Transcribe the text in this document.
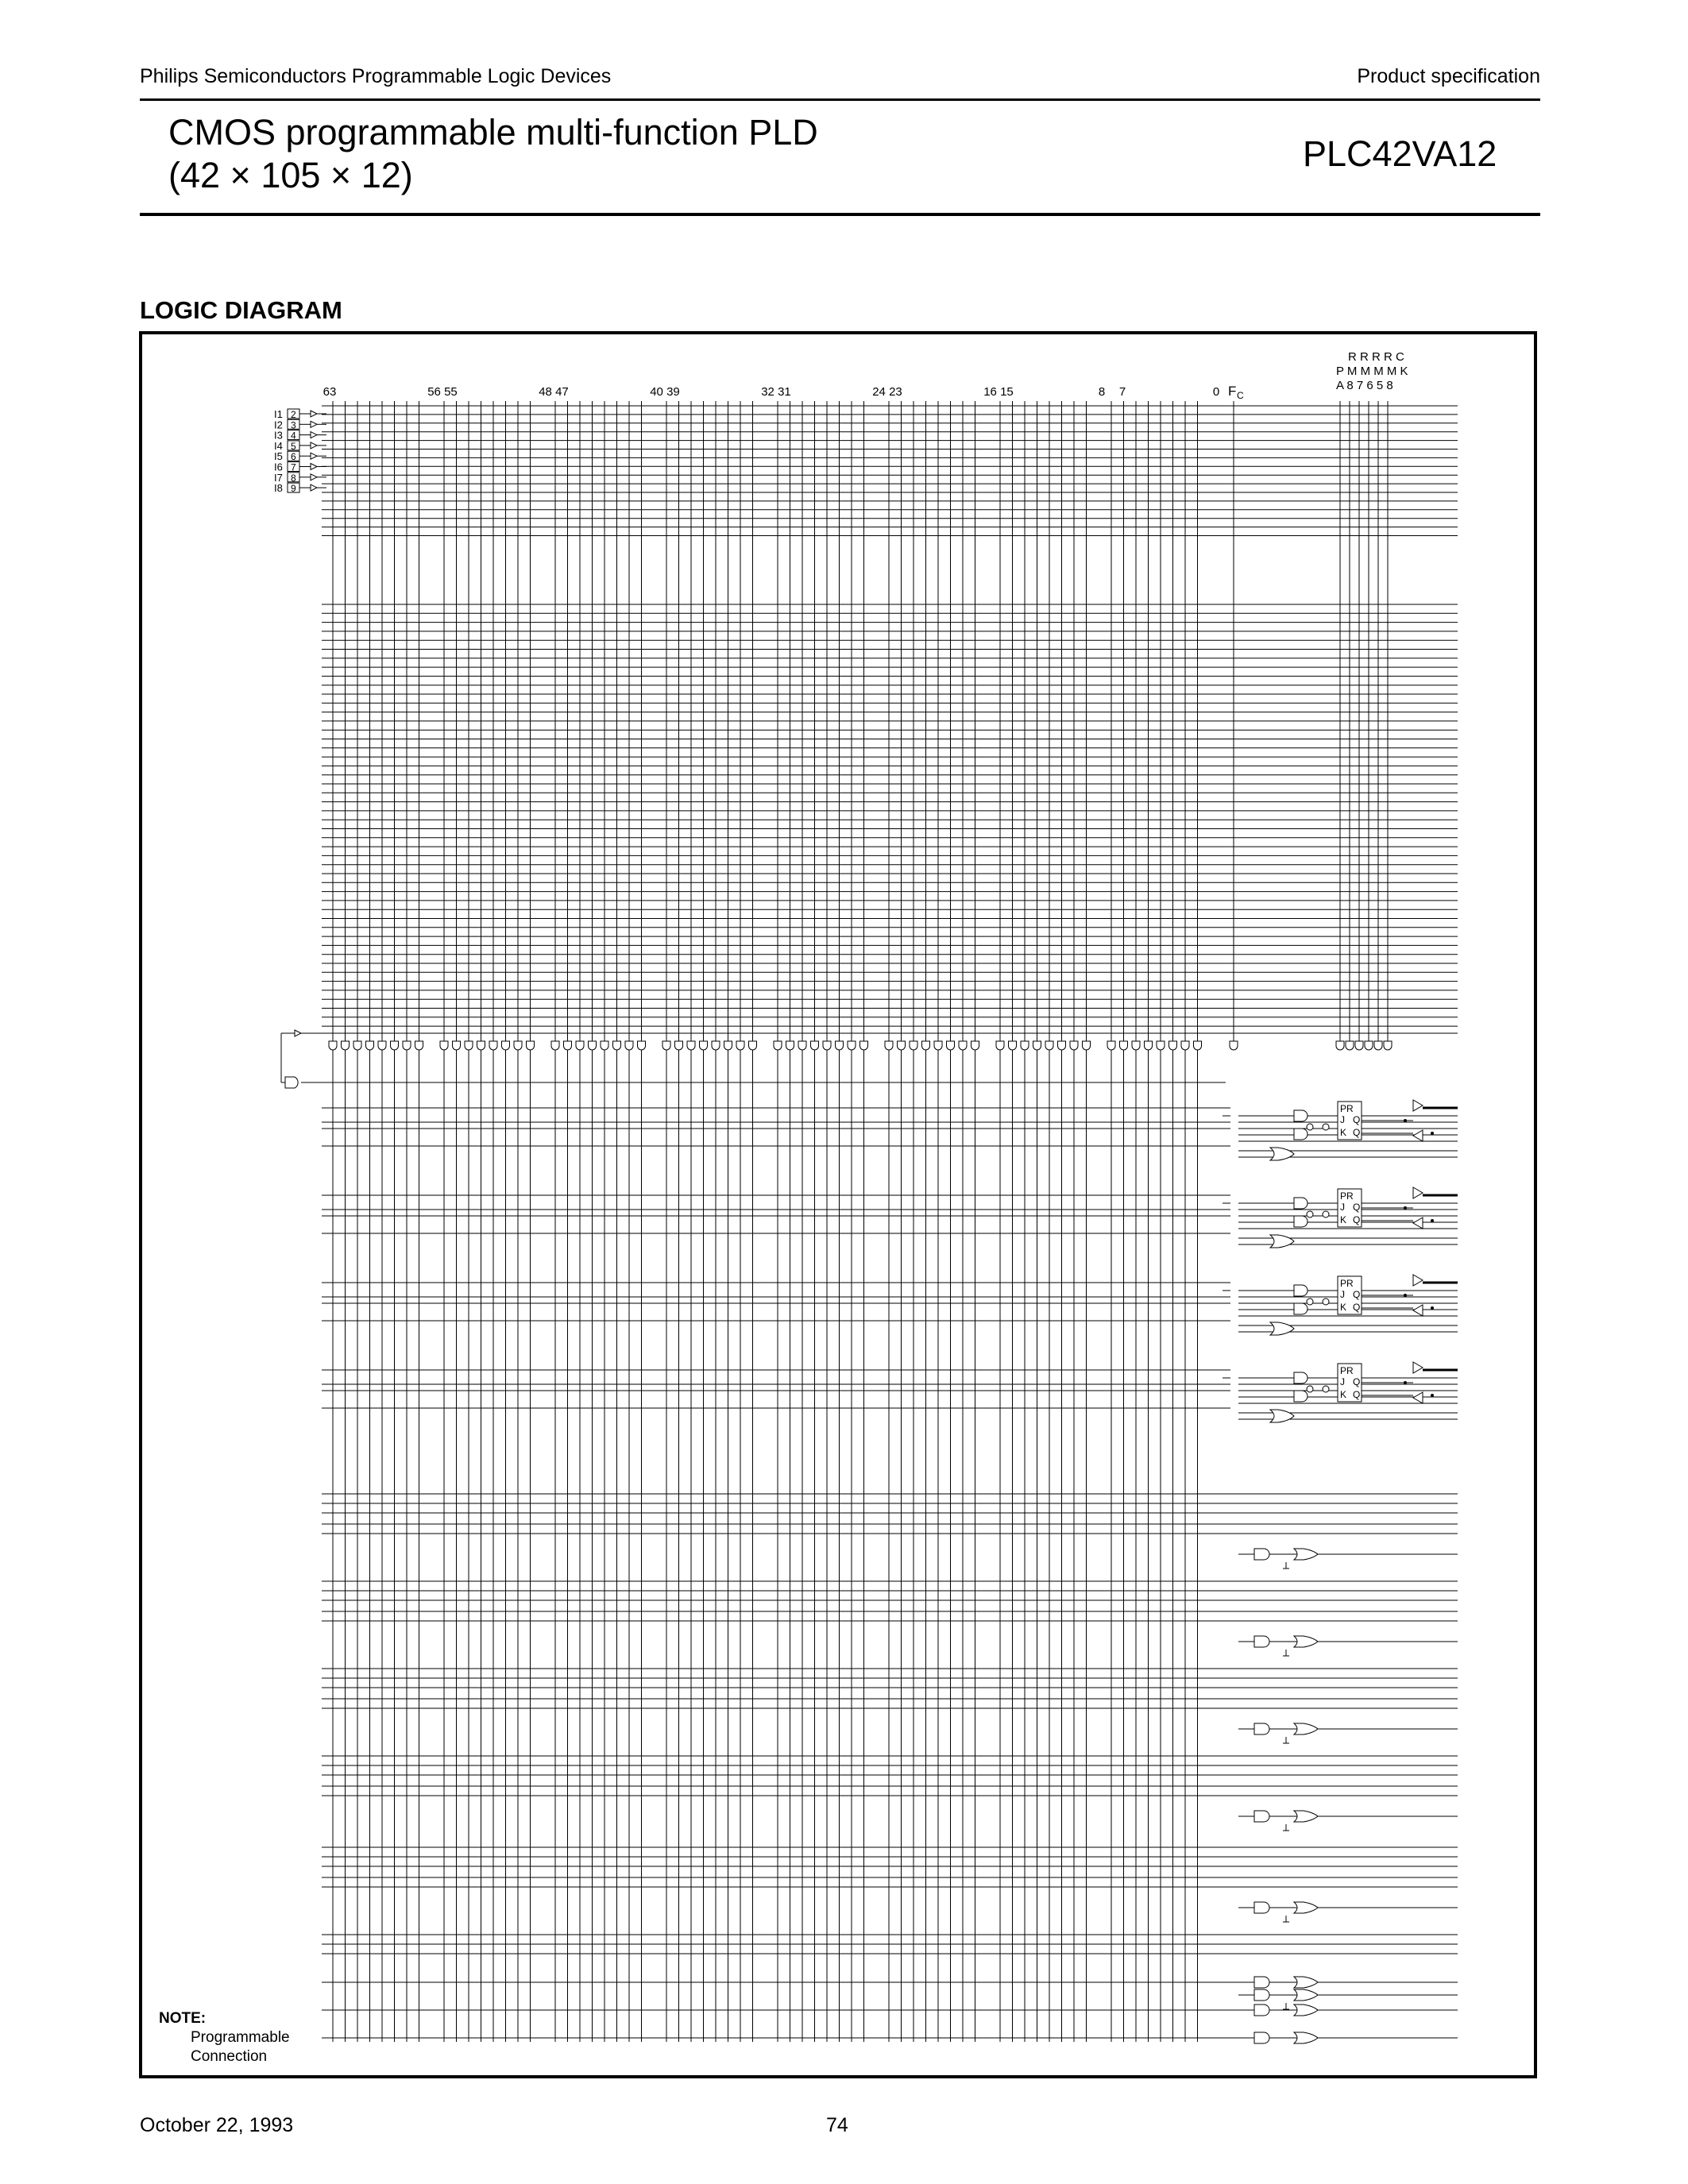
Philips Semiconductors Programmable Logic Devices	Product specification
CMOS programmable multi-function PLD
(42 × 105 × 12)
PLC42VA12
LOGIC DIAGRAM
63	56 55	48 47	40 39	32 31	24 23	16 15	8 7	0 F C
R R R R C
P M M M M K
A 8 7 6 5 8
I1 2
I2 3
I3 4
I4 5
I5 6
I6 7
I7 8
I8 9
PR
J
K
Q
Q
PR
J
K
Q
Q
PR
J
K
Q
Q
PR
J
K
Q
Q
NOTE:
Programmable
Connection
October 22, 1993	74
